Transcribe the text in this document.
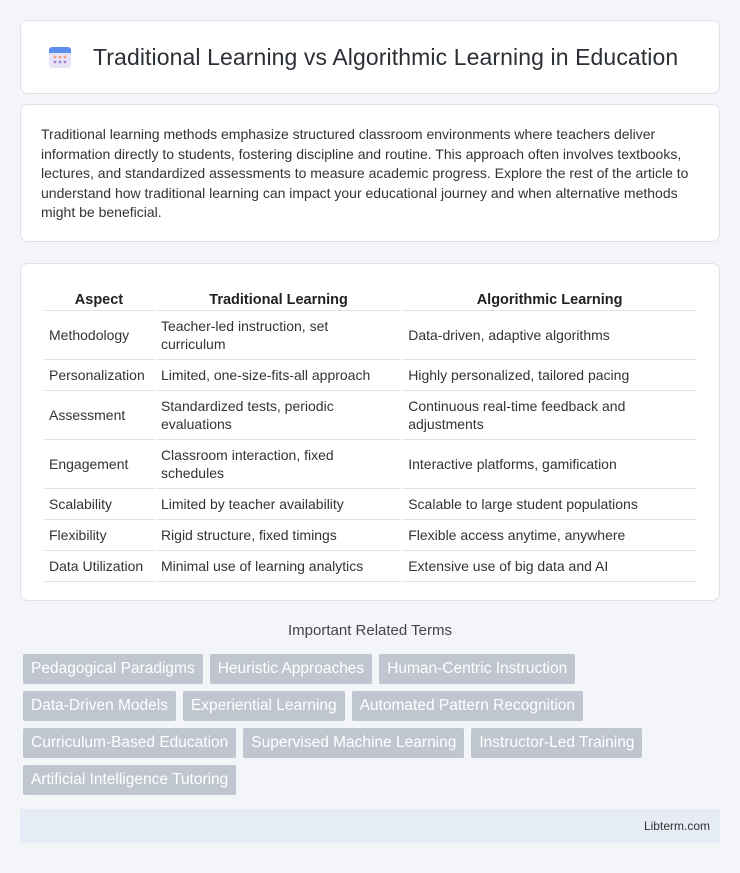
Traditional Learning vs Algorithmic Learning in Education

Traditional learning methods emphasize structured classroom environments where teachers deliver information directly to students, fostering discipline and routine. This approach often involves textbooks, lectures, and standardized assessments to measure academic progress. Explore the rest of the article to understand how traditional learning can impact your educational journey and when alternative methods might be beneficial.

Aspect	Traditional Learning	Algorithmic Learning
Methodology	Teacher-led instruction, set curriculum	Data-driven, adaptive algorithms
Personalization	Limited, one-size-fits-all approach	Highly personalized, tailored pacing
Assessment	Standardized tests, periodic evaluations	Continuous real-time feedback and adjustments
Engagement	Classroom interaction, fixed schedules	Interactive platforms, gamification
Scalability	Limited by teacher availability	Scalable to large student populations
Flexibility	Rigid structure, fixed timings	Flexible access anytime, anywhere
Data Utilization	Minimal use of learning analytics	Extensive use of big data and AI
Important Related Terms
Pedagogical Paradigms	Heuristic Approaches	Human-Centric Instruction
Data-Driven Models	Experiential Learning	Automated Pattern Recognition
Curriculum-Based Education	Supervised Machine Learning	Instructor-Led Training
Artificial Intelligence Tutoring
Libterm.com
